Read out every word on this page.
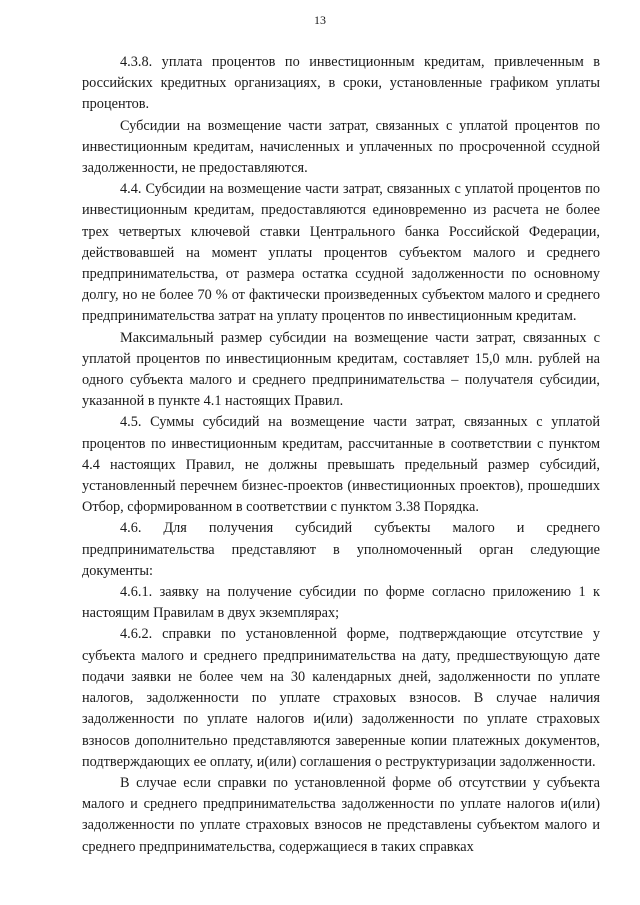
13

4.3.8. уплата процентов по инвестиционным кредитам, привлеченным в российских кредитных организациях, в сроки, установленные графиком уплаты процентов.

Субсидии на возмещение части затрат, связанных с уплатой процентов по инвестиционным кредитам, начисленных и уплаченных по просроченной ссудной задолженности, не предоставляются.

4.4. Субсидии на возмещение части затрат, связанных с уплатой процентов по инвестиционным кредитам, предоставляются единовременно из расчета не более трех четвертых ключевой ставки Центрального банка Российской Федерации, действовавшей на момент уплаты процентов субъектом малого и среднего предпринимательства, от размера остатка ссудной задолженности по основному долгу, но не более 70 % от фактически произведенных субъектом малого и среднего предпринимательства затрат на уплату процентов по инвестиционным кредитам.

Максимальный размер субсидии на возмещение части затрат, связанных с уплатой процентов по инвестиционным кредитам, составляет 15,0 млн. рублей на одного субъекта малого и среднего предпринимательства – получателя субсидии, указанной в пункте 4.1 настоящих Правил.

4.5. Суммы субсидий на возмещение части затрат, связанных с уплатой процентов по инвестиционным кредитам, рассчитанные в соответствии с пунктом 4.4 настоящих Правил, не должны превышать предельный размер субсидий, установленный перечнем бизнес-проектов (инвестиционных проектов), прошедших Отбор, сформированном в соответствии с пунктом 3.38 Порядка.

4.6. Для получения субсидий субъекты малого и среднего предпринимательства представляют в уполномоченный орган следующие документы:

4.6.1. заявку на получение субсидии по форме согласно приложению 1 к настоящим Правилам в двух экземплярах;

4.6.2. справки по установленной форме, подтверждающие отсутствие у субъекта малого и среднего предпринимательства на дату, предшествующую дате подачи заявки не более чем на 30 календарных дней, задолженности по уплате налогов, задолженности по уплате страховых взносов. В случае наличия задолженности по уплате налогов и(или) задолженности по уплате страховых взносов дополнительно представляются заверенные копии платежных документов, подтверждающих ее оплату, и(или) соглашения о реструктуризации задолженности.

В случае если справки по установленной форме об отсутствии у субъекта малого и среднего предпринимательства задолженности по уплате налогов и(или) задолженности по уплате страховых взносов не представлены субъектом малого и среднего предпринимательства, содержащиеся в таких справках
